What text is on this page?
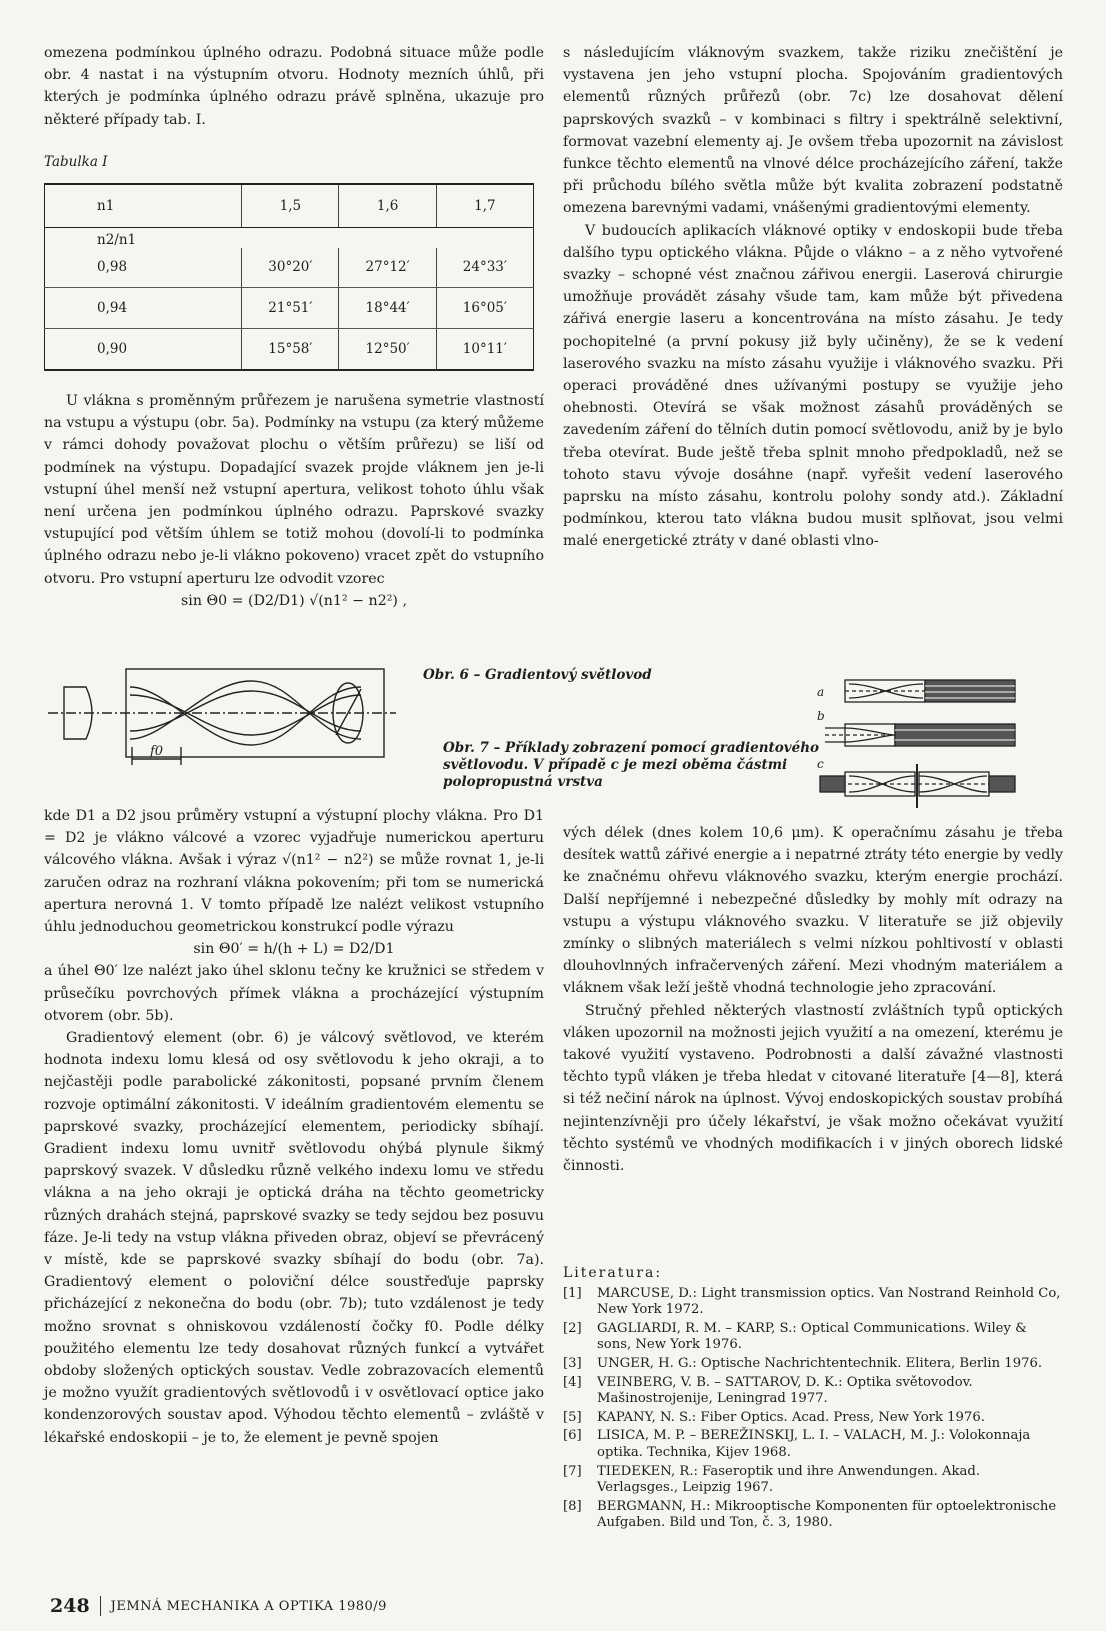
omezena podmínkou úplného odrazu. Podobná situace může podle obr. 4 nastat i na výstupním otvoru. Hodnoty mezních úhlů, při kterých je podmínka úplného odrazu právě splněna, ukazuje pro některé případy tab. I.

Tabulka I
n1	1,5	1,6	1,7
n2/n1			
0,98	30°20′	27°12′	24°33′
0,94	21°51′	18°44′	16°05′
0,90	15°58′	12°50′	10°11′

U vlákna s proměnným průřezem je narušena symetrie vlastností na vstupu a výstupu (obr. 5a). Podmínky na vstupu (za který můžeme v rámci dohody považovat plochu o větším průřezu) se liší od podmínek na výstupu. Dopadající svazek projde vláknem jen je-li vstupní úhel menší než vstupní apertura, velikost tohoto úhlu však není určena jen podmínkou úplného odrazu. Paprskové svazky vstupující pod větším úhlem se totiž mohou (dovolí-li to podmínka úplného odrazu nebo je-li vlákno pokoveno) vracet zpět do vstupního otvoru. Pro vstupní aperturu lze odvodit vzorec

sin Θ0 = (D2/D1) √(n1² − n2²) ,

f0
Obr. 6 – Gradientový světlovod
a
b
c
Obr. 7 – Příklady zobrazení pomocí gradientového světlovodu. V případě c je mezi oběma částmi polopropustná vrstva

kde D1 a D2 jsou průměry vstupní a výstupní plochy vlákna. Pro D1 = D2 je vlákno válcové a vzorec vyjadřuje numerickou aperturu válcového vlákna. Avšak i výraz √(n1² − n2²) se může rovnat 1, je-li zaručen odraz na rozhraní vlákna pokovením; při tom se numerická apertura nerovná 1. V tomto případě lze nalézt velikost vstupního úhlu jednoduchou geometrickou konstrukcí podle výrazu

sin Θ0′ = h/(h + L) = D2/D1

a úhel Θ0′ lze nalézt jako úhel sklonu tečny ke kružnici se středem v průsečíku povrchových přímek vlákna a procházející výstupním otvorem (obr. 5b).

Gradientový element (obr. 6) je válcový světlovod, ve kterém hodnota indexu lomu klesá od osy světlovodu k jeho okraji, a to nejčastěji podle parabolické zákonitosti, popsané prvním členem rozvoje optimální zákonitosti. V ideálním gradientovém elementu se paprskové svazky, procházející elementem, periodicky sbíhají. Gradient indexu lomu uvnitř světlovodu ohýbá plynule šikmý paprskový svazek. V důsledku různě velkého indexu lomu ve středu vlákna a na jeho okraji je optická dráha na těchto geometricky různých drahách stejná, paprskové svazky se tedy sejdou bez posuvu fáze. Je-li tedy na vstup vlákna přiveden obraz, objeví se převrácený v místě, kde se paprskové svazky sbíhají do bodu (obr. 7a). Gradientový element o poloviční délce soustřeďuje paprsky přicházející z nekonečna do bodu (obr. 7b); tuto vzdálenost je tedy možno srovnat s ohniskovou vzdáleností čočky f0. Podle délky použitého elementu lze tedy dosahovat různých funkcí a vytvářet obdoby složených optických soustav. Vedle zobrazovacích elementů je možno využít gradientových světlovodů i v osvětlovací optice jako kondenzorových soustav apod. Výhodou těchto elementů – zvláště v lékařské endoskopii – je to, že element je pevně spojen

s následujícím vláknovým svazkem, takže riziku znečištění je vystavena jen jeho vstupní plocha. Spojováním gradientových elementů různých průřezů (obr. 7c) lze dosahovat dělení paprskových svazků – v kombinaci s filtry i spektrálně selektivní, formovat vazební elementy aj. Je ovšem třeba upozornit na závislost funkce těchto elementů na vlnové délce procházejícího záření, takže při průchodu bílého světla může být kvalita zobrazení podstatně omezena barevnými vadami, vnášenými gradientovými elementy.

V budoucích aplikacích vláknové optiky v endoskopii bude třeba dalšího typu optického vlákna. Půjde o vlákno – a z něho vytvořené svazky – schopné vést značnou zářivou energii. Laserová chirurgie umožňuje provádět zásahy všude tam, kam může být přivedena zářivá energie laseru a koncentrována na místo zásahu. Je tedy pochopitelné (a první pokusy již byly učiněny), že se k vedení laserového svazku na místo zásahu využije i vláknového svazku. Při operaci prováděné dnes užívanými postupy se využije jeho ohebnosti. Otevírá se však možnost zásahů prováděných se zavedením záření do tělních dutin pomocí světlovodu, aniž by je bylo třeba otevírat. Bude ještě třeba splnit mnoho předpokladů, než se tohoto stavu vývoje dosáhne (např. vyřešit vedení laserového paprsku na místo zásahu, kontrolu polohy sondy atd.). Základní podmínkou, kterou tato vlákna budou musit splňovat, jsou velmi malé energetické ztráty v dané oblasti vlno-

vých délek (dnes kolem 10,6 μm). K operačnímu zásahu je třeba desítek wattů zářivé energie a i nepatrné ztráty této energie by vedly ke značnému ohřevu vláknového svazku, kterým energie prochází. Další nepříjemné i nebezpečné důsledky by mohly mít odrazy na vstupu a výstupu vláknového svazku. V literatuře se již objevily zmínky o slibných materiálech s velmi nízkou pohltivostí v oblasti dlouhovlnných infračervených záření. Mezi vhodným materiálem a vláknem však leží ještě vhodná technologie jeho zpracování.

Stručný přehled některých vlastností zvláštních typů optických vláken upozornil na možnosti jejich využití a na omezení, kterému je takové využití vystaveno. Podrobnosti a další závažné vlastnosti těchto typů vláken je třeba hledat v citované literatuře [4—8], která si též nečiní nárok na úplnost. Vývoj endoskopických soustav probíhá nejintenzívněji pro účely lékařství, je však možno očekávat využití těchto systémů ve vhodných modifikacích i v jiných oborech lidské činnosti.

Literatura:
[1]	MARCUSE, D.: Light transmission optics. Van Nostrand Reinhold Co, New York 1972.
[2]	GAGLIARDI, R. M. – KARP, S.: Optical Communications. Wiley & sons, New York 1976.
[3]	UNGER, H. G.: Optische Nachrichtentechnik. Elitera, Berlin 1976.
[4]	VEINBERG, V. B. – SATTAROV, D. K.: Optika světovodov. Mašinostrojenije, Leningrad 1977.
[5]	KAPANY, N. S.: Fiber Optics. Acad. Press, New York 1976.
[6]	LISICA, M. P. – BEREŽINSKIJ, L. I. – VALACH, M. J.: Volokonnaja optika. Technika, Kijev 1968.
[7]	TIEDEKEN, R.: Faseroptik und ihre Anwendungen. Akad. Verlagsges., Leipzig 1967.
[8]	BERGMANN, H.: Mikrooptische Komponenten für optoelektronische Aufgaben. Bild und Ton, č. 3, 1980.
248 JEMNÁ MECHANIKA A OPTIKA 1980/9
